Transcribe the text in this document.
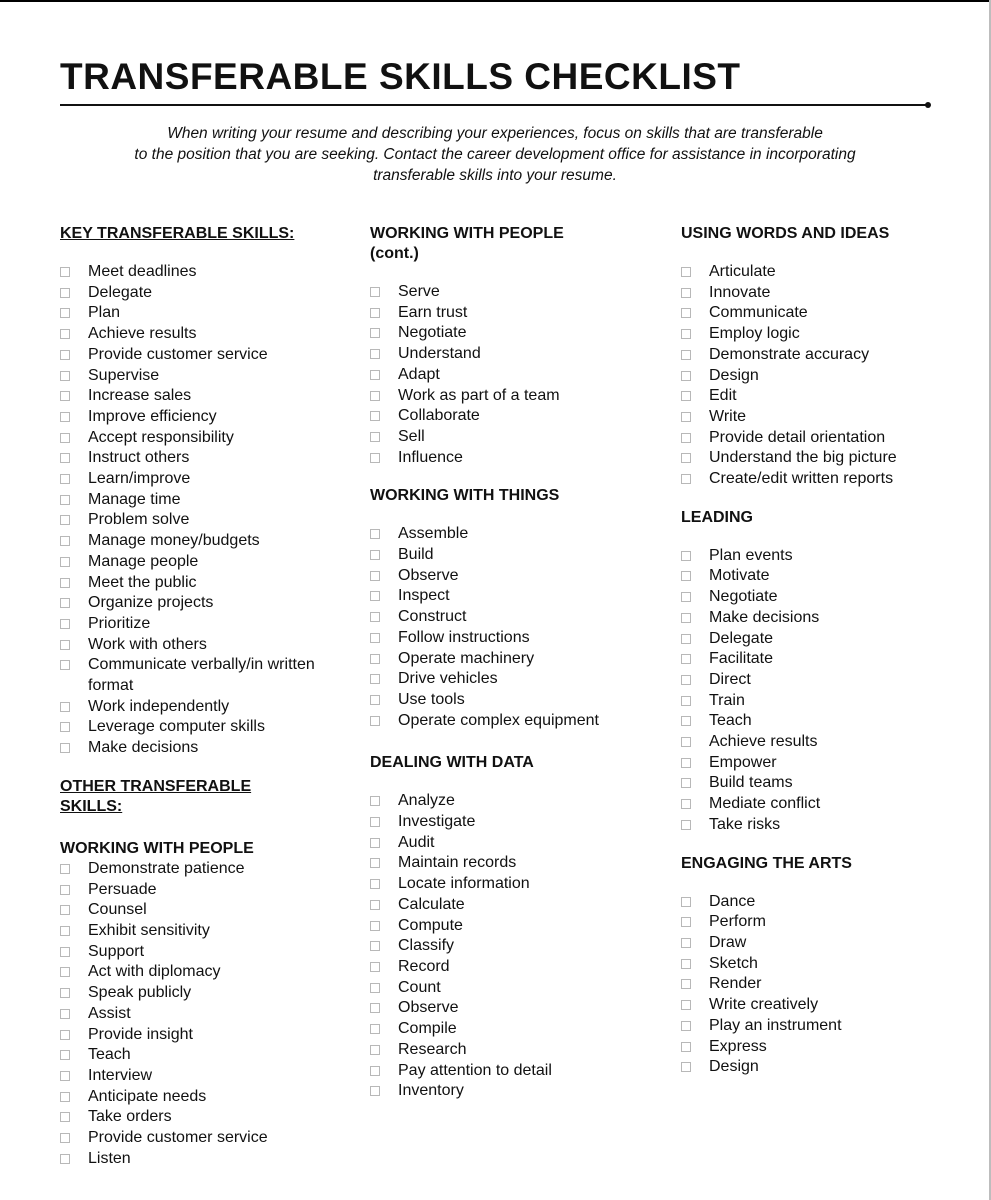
TRANSFERABLE SKILLS CHECKLIST
When writing your resume and describing your experiences, focus on skills that are transferable
to the position that you are seeking. Contact the career development office for assistance in incorporating
transferable skills into your resume.

KEY TRANSFERABLE SKILLS:

Meet deadlines
Delegate
Plan
Achieve results
Provide customer service
Supervise
Increase sales
Improve efficiency
Accept responsibility
Instruct others
Learn/improve
Manage time
Problem solve
Manage money/budgets
Manage people
Meet the public
Organize projects
Prioritize
Work with others
Communicate verbally/in written format
Work independently
Leverage computer skills
Make decisions

OTHER TRANSFERABLE SKILLS:

WORKING WITH PEOPLE

Demonstrate patience
Persuade
Counsel
Exhibit sensitivity
Support
Act with diplomacy
Speak publicly
Assist
Provide insight
Teach
Interview
Anticipate needs
Take orders
Provide customer service
Listen

WORKING WITH PEOPLE (cont.)

Serve
Earn trust
Negotiate
Understand
Adapt
Work as part of a team
Collaborate
Sell
Influence

WORKING WITH THINGS

Assemble
Build
Observe
Inspect
Construct
Follow instructions
Operate machinery
Drive vehicles
Use tools
Operate complex equipment

DEALING WITH DATA

Analyze
Investigate
Audit
Maintain records
Locate information
Calculate
Compute
Classify
Record
Count
Observe
Compile
Research
Pay attention to detail
Inventory

USING WORDS AND IDEAS

Articulate
Innovate
Communicate
Employ logic
Demonstrate accuracy
Design
Edit
Write
Provide detail orientation
Understand the big picture
Create/edit written reports

LEADING

Plan events
Motivate
Negotiate
Make decisions
Delegate
Facilitate
Direct
Train
Teach
Achieve results
Empower
Build teams
Mediate conflict
Take risks

ENGAGING THE ARTS

Dance
Perform
Draw
Sketch
Render
Write creatively
Play an instrument
Express
Design
